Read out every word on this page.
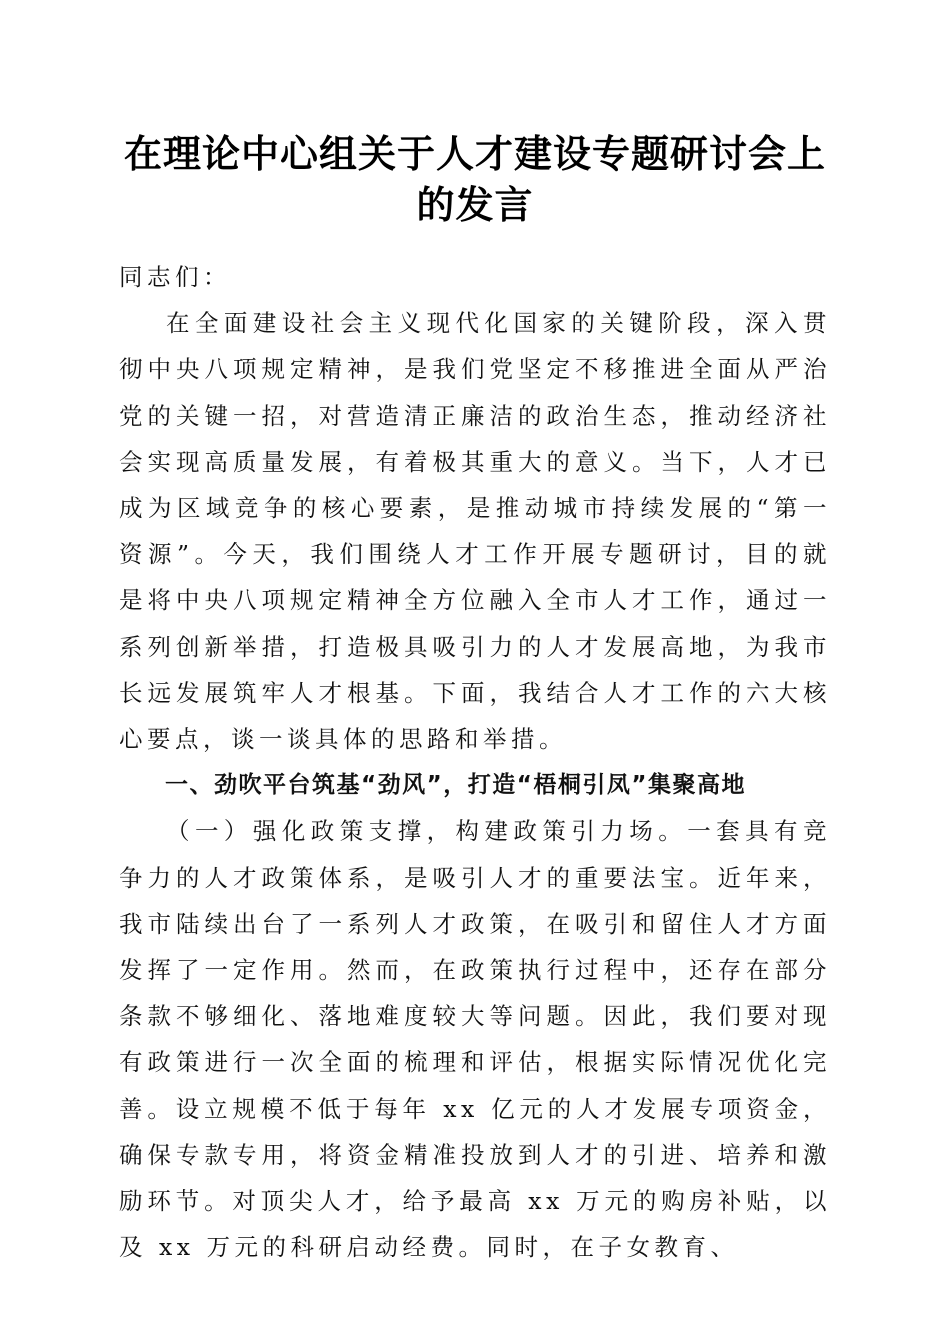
在理论中心组关于人才建设专题研讨会上的发言

同志们：

在全面建设社会主义现代化国家的关键阶段，深入贯彻中央八项规定精神，是我们党坚定不移推进全面从严治党的关键一招，对营造清正廉洁的政治生态，推动经济社会实现高质量发展，有着极其重大的意义。当下，人才已成为区域竞争的核心要素，是推动城市持续发展的“第一资源”。今天，我们围绕人才工作开展专题研讨，目的就是将中央八项规定精神全方位融入全市人才工作，通过一系列创新举措，打造极具吸引力的人才发展高地，为我市长远发展筑牢人才根基。下面，我结合人才工作的六大核心要点，谈一谈具体的思路和举措。

一、劲吹平台筑基“劲风”，打造“梧桐引凤”集聚高地

（一）强化政策支撑，构建政策引力场。一套具有竞争力的人才政策体系，是吸引人才的重要法宝。近年来，我市陆续出台了一系列人才政策，在吸引和留住人才方面发挥了一定作用。然而，在政策执行过程中，还存在部分条款不够细化、落地难度较大等问题。因此，我们要对现有政策进行一次全面的梳理和评估，根据实际情况优化完善。设立规模不低于每年 xx 亿元的人才发展专项资金，确保专款专用，将资金精准投放到人才的引进、培养和激励环节。对顶尖人才，给予最高 xx 万元的购房补贴，以及 xx 万元的科研启动经费。同时，在子女教育、
